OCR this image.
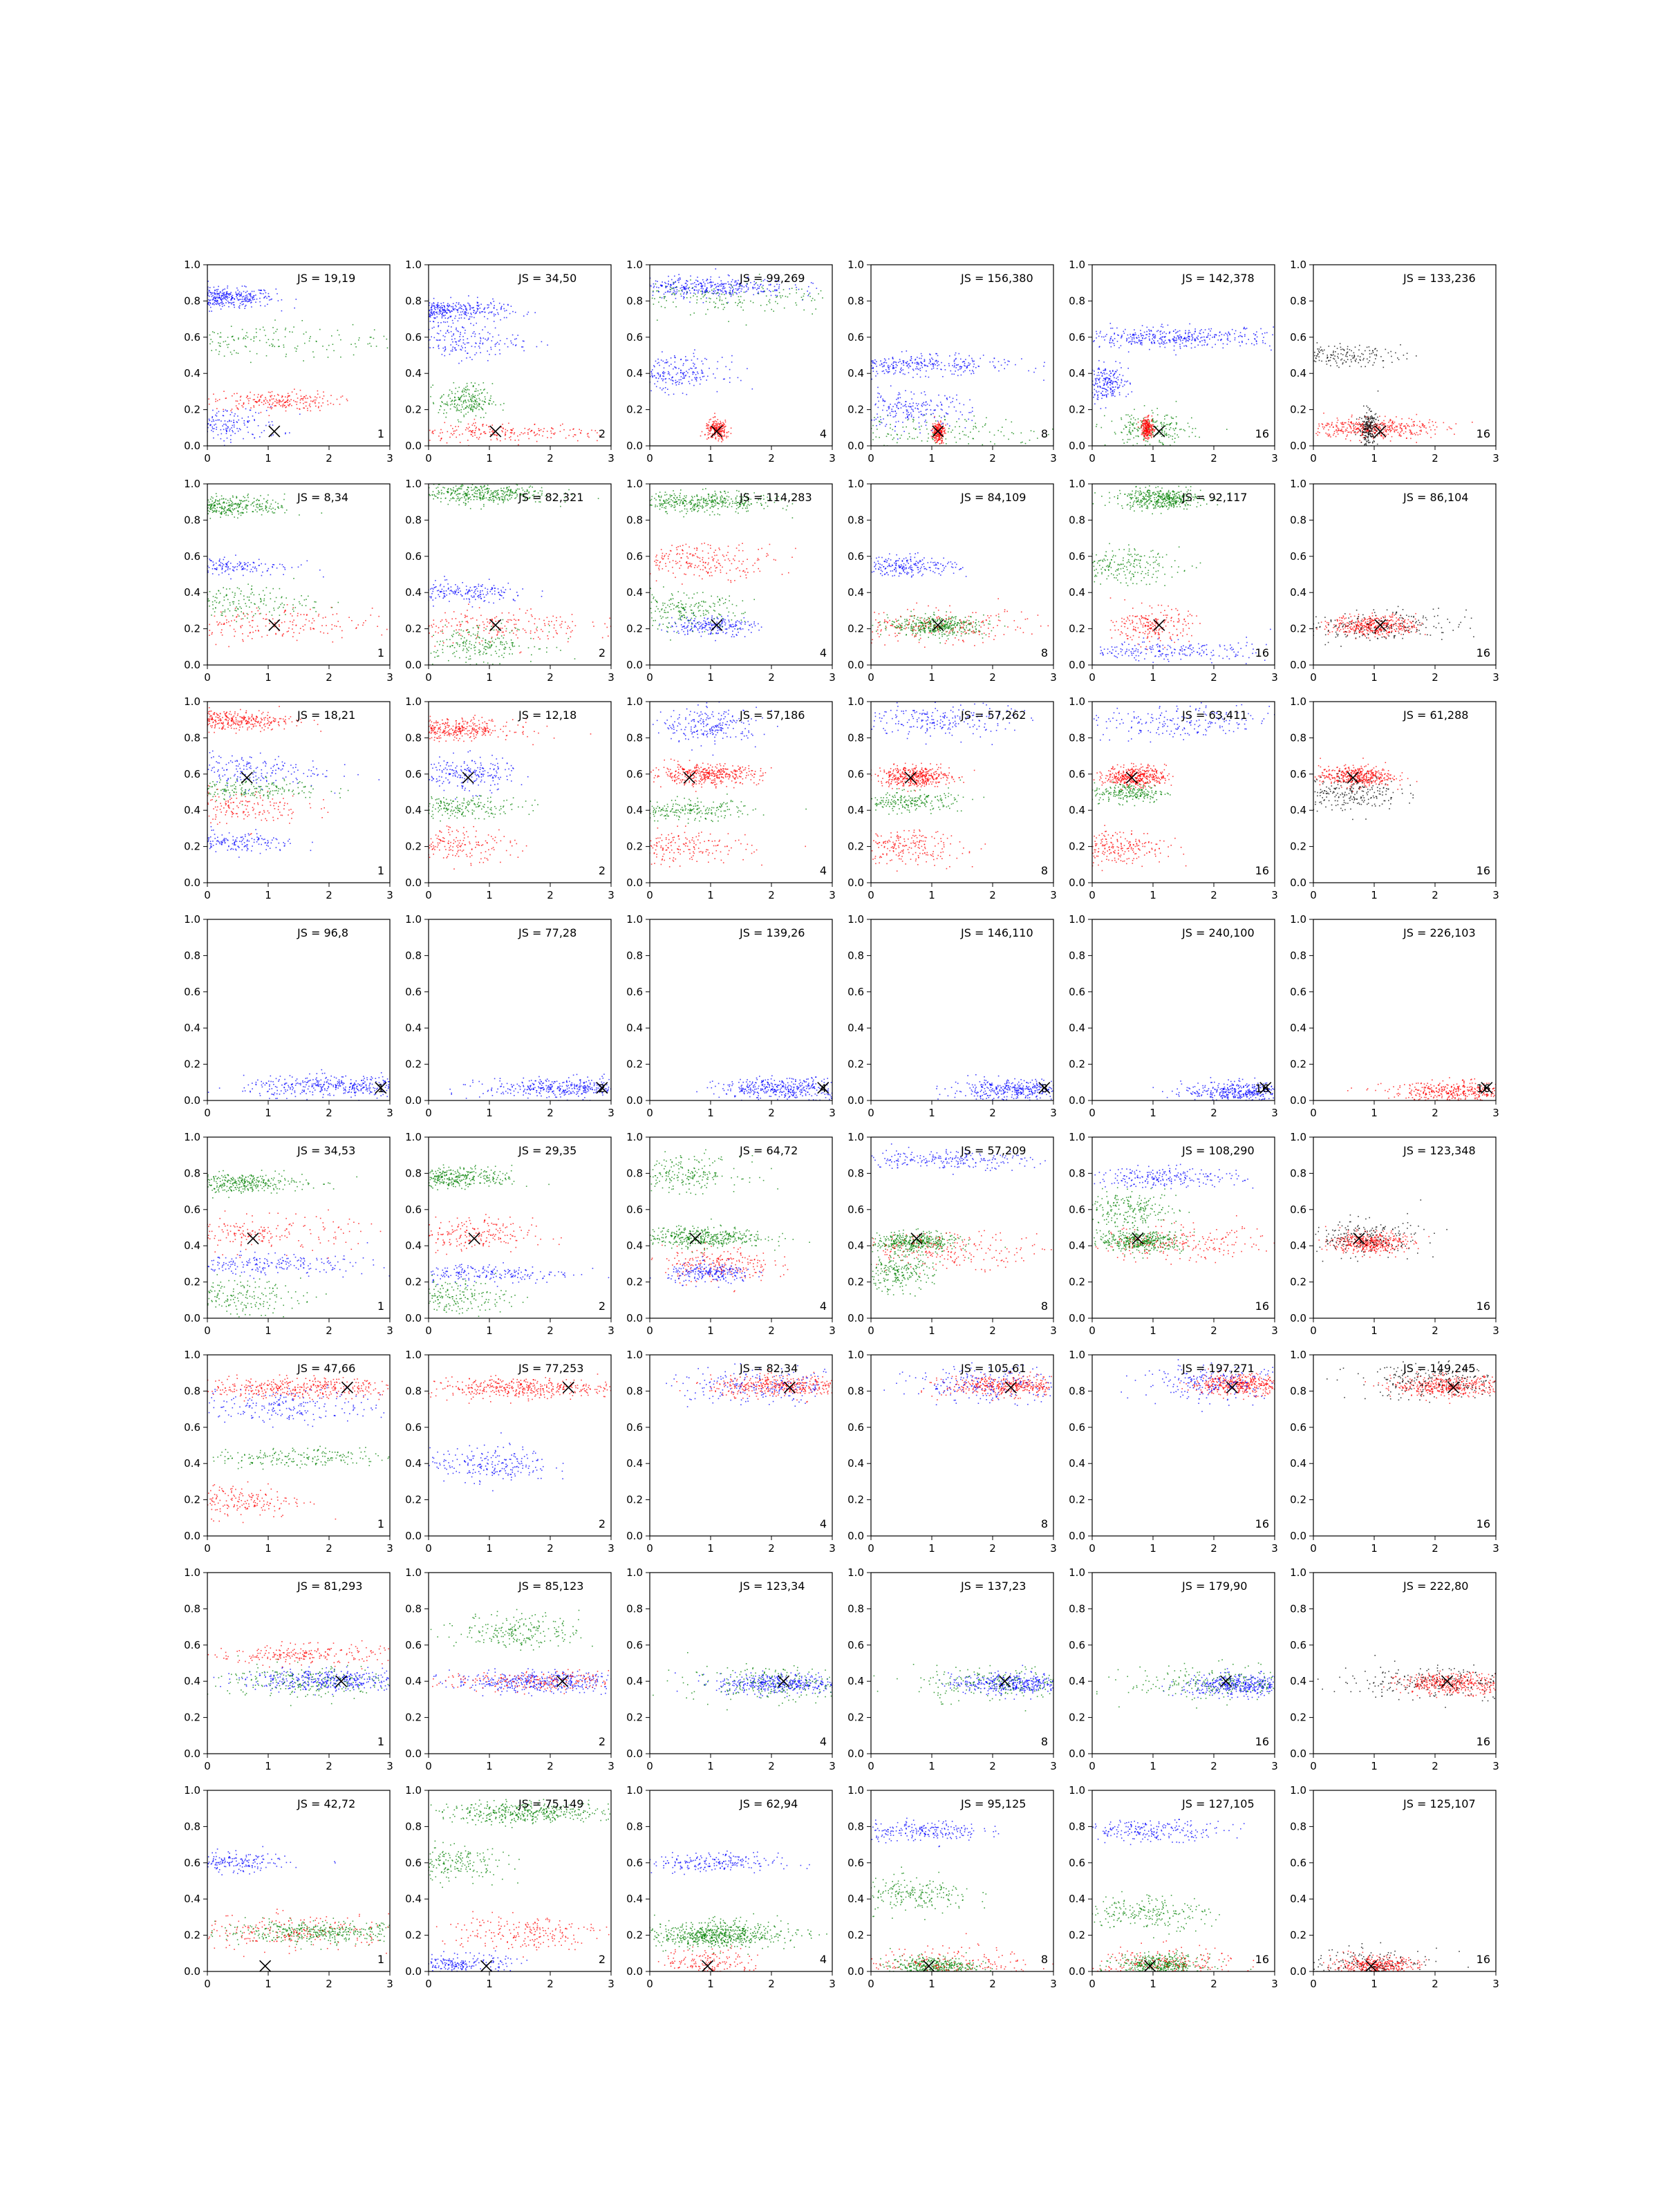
0	1	2	3
0.0
0.2
0.4
0.6
0.8
1.0
JS = 19,19
1
0	1	2	3
0.0
0.2
0.4
0.6
0.8
1.0
JS = 34,50
2
0	1	2	3
0.0
0.2
0.4
0.6
0.8
1.0
JS = 99,269
4
0	1	2	3
0.0
0.2
0.4
0.6
0.8
1.0
JS = 156,380
8
0	1	2	3
0.0
0.2
0.4
0.6
0.8
1.0
JS = 142,378
16
0	1	2	3
0.0
0.2
0.4
0.6
0.8
1.0
JS = 133,236
16
0	1	2	3
0.0
0.2
0.4
0.6
0.8
1.0
JS = 8,34
1
0	1	2	3
0.0
0.2
0.4
0.6
0.8
1.0
JS = 82,321
2
0	1	2	3
0.0
0.2
0.4
0.6
0.8
1.0
JS = 114,283
4
0	1	2	3
0.0
0.2
0.4
0.6
0.8
1.0
JS = 84,109
8
0	1	2	3
0.0
0.2
0.4
0.6
0.8
1.0
JS = 92,117
16
0	1	2	3
0.0
0.2
0.4
0.6
0.8
1.0
JS = 86,104
16
0	1	2	3
0.0
0.2
0.4
0.6
0.8
1.0
JS = 18,21
1
0	1	2	3
0.0
0.2
0.4
0.6
0.8
1.0
JS = 12,18
2
0	1	2	3
0.0
0.2
0.4
0.6
0.8
1.0
JS = 57,186
4
0	1	2	3
0.0
0.2
0.4
0.6
0.8
1.0
JS = 57,262
8
0	1	2	3
0.0
0.2
0.4
0.6
0.8
1.0
JS = 63,411
16
0	1	2	3
0.0
0.2
0.4
0.6
0.8
1.0
JS = 61,288
16
0	1	2	3
0.0
0.2
0.4
0.6
0.8
1.0
JS = 96,8
1
0	1	2	3
0.0
0.2
0.4
0.6
0.8
1.0
JS = 77,28
2
0	1	2	3
0.0
0.2
0.4
0.6
0.8
1.0
JS = 139,26
4
0	1	2	3
0.0
0.2
0.4
0.6
0.8
1.0
JS = 146,110
8
0	1	2	3
0.0
0.2
0.4
0.6
0.8
1.0
JS = 240,100
16
0	1	2	3
0.0
0.2
0.4
0.6
0.8
1.0
JS = 226,103
16
0	1	2	3
0.0
0.2
0.4
0.6
0.8
1.0
JS = 34,53
1
0	1	2	3
0.0
0.2
0.4
0.6
0.8
1.0
JS = 29,35
2
0	1	2	3
0.0
0.2
0.4
0.6
0.8
1.0
JS = 64,72
4
0	1	2	3
0.0
0.2
0.4
0.6
0.8
1.0
JS = 57,209
8
0	1	2	3
0.0
0.2
0.4
0.6
0.8
1.0
JS = 108,290
16
0	1	2	3
0.0
0.2
0.4
0.6
0.8
1.0
JS = 123,348
16
0	1	2	3
0.0
0.2
0.4
0.6
0.8
1.0
JS = 47,66
1
0	1	2	3
0.0
0.2
0.4
0.6
0.8
1.0
JS = 77,253
2
0	1	2	3
0.0
0.2
0.4
0.6
0.8
1.0
JS = 82,34
4
0	1	2	3
0.0
0.2
0.4
0.6
0.8
1.0
JS = 105,61
8
0	1	2	3
0.0
0.2
0.4
0.6
0.8
1.0
JS = 197,271
16
0	1	2	3
0.0
0.2
0.4
0.6
0.8
1.0
JS = 149,245
16
0	1	2	3
0.0
0.2
0.4
0.6
0.8
1.0
JS = 81,293
1
0	1	2	3
0.0
0.2
0.4
0.6
0.8
1.0
JS = 85,123
2
0	1	2	3
0.0
0.2
0.4
0.6
0.8
1.0
JS = 123,34
4
0	1	2	3
0.0
0.2
0.4
0.6
0.8
1.0
JS = 137,23
8
0	1	2	3
0.0
0.2
0.4
0.6
0.8
1.0
JS = 179,90
16
0	1	2	3
0.0
0.2
0.4
0.6
0.8
1.0
JS = 222,80
16
0	1	2	3
0.0
0.2
0.4
0.6
0.8
1.0
JS = 42,72
1
0	1	2	3
0.0
0.2
0.4
0.6
0.8
1.0
JS = 75,149
2
0	1	2	3
0.0
0.2
0.4
0.6
0.8
1.0
JS = 62,94
4
0	1	2	3
0.0
0.2
0.4
0.6
0.8
1.0
JS = 95,125
8
0	1	2	3
0.0
0.2
0.4
0.6
0.8
1.0
JS = 127,105
16
0	1	2	3
0.0
0.2
0.4
0.6
0.8
1.0
JS = 125,107
16
